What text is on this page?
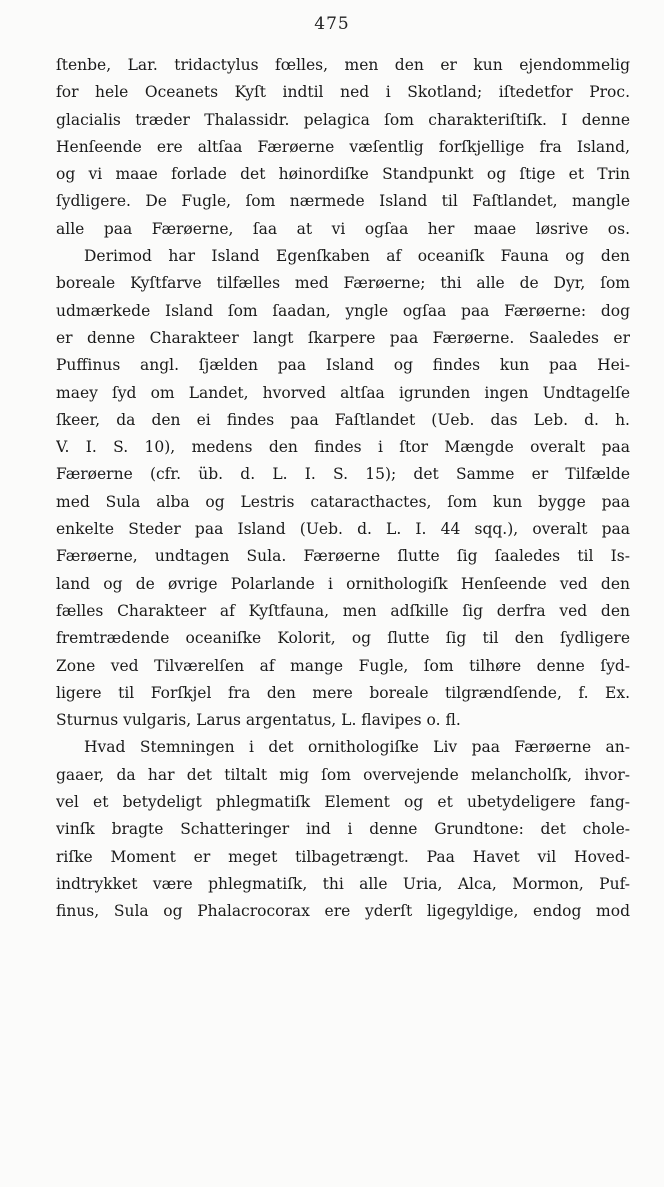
475
ſtenbe, Lar. tridactylus fœlles, men den er kun ejendommelig
for hele Oceanets Kyſt indtil ned i Skotland; iſtedetfor Proc.
glacialis træder Thalassidr. pelagica ſom charakteriſtiſk. I denne
Henſeende ere altſaa Færøerne væſentlig forſkjellige fra Island,
og vi maae forlade det høinordiſke Standpunkt og ſtige et Trin
ſydligere. De Fugle, ſom nærmede Island til Faſtlandet, mangle
alle paa Færøerne, ſaa at vi ogſaa her maae løsrive os.
Derimod har Island Egenſkaben af oceaniſk Fauna og den
boreale Kyſtfarve tilfælles med Færøerne; thi alle de Dyr, ſom
udmærkede Island ſom ſaadan, yngle ogſaa paa Færøerne: dog
er denne Charakteer langt ſkarpere paa Færøerne. Saaledes er
Puffinus angl. ſjælden paa Island og findes kun paa Hei-
maey ſyd om Landet, hvorved altſaa igrunden ingen Undtagelſe
ſkeer, da den ei findes paa Faſtlandet (Ueb. das Leb. d. h.
V. I. S. 10), medens den findes i ſtor Mængde overalt paa
Færøerne (cfr. üb. d. L. I. S. 15); det Samme er Tilfælde
med Sula alba og Lestris cataracthactes, ſom kun bygge paa
enkelte Steder paa Island (Ueb. d. L. I. 44 sqq.), overalt paa
Færøerne, undtagen Sula. Færøerne ſlutte ſig ſaaledes til Is-
land og de øvrige Polarlande i ornithologiſk Henſeende ved den
fælles Charakteer af Kyſtfauna, men adſkille ſig derfra ved den
fremtrædende oceaniſke Kolorit, og ſlutte ſig til den ſydligere
Zone ved Tilværelſen af mange Fugle, ſom tilhøre denne ſyd-
ligere til Forſkjel fra den mere boreale tilgrændſende, f. Ex.
Sturnus vulgaris, Larus argentatus, L. flavipes o. fl.
Hvad Stemningen i det ornithologiſke Liv paa Færøerne an-
gaaer, da har det tiltalt mig ſom overvejende melancholſk, ihvor-
vel et betydeligt phlegmatiſk Element og et ubetydeligere fang-
vinſk bragte Schatteringer ind i denne Grundtone: det chole-
riſke Moment er meget tilbagetrængt. Paa Havet vil Hoved-
indtrykket være phlegmatiſk, thi alle Uria, Alca, Mormon, Puf-
finus, Sula og Phalacrocorax ere yderſt ligegyldige, endog mod
